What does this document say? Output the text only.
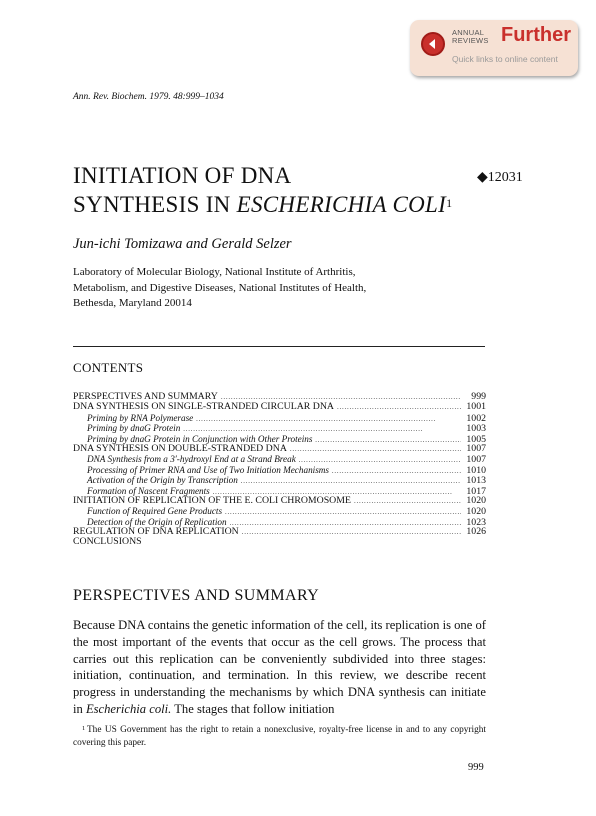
ANNUAL
REVIEWS Further
Quick links to online content
Ann. Rev. Biochem. 1979. 48:999–1034
INITIATION OF DNA
SYNTHESIS IN ESCHERICHIA COLI$^1$
◆12031
Jun-ichi Tomizawa and Gerald Selzer
Laboratory of Molecular Biology, National Institute of Arthritis,
Metabolism, and Digestive Diseases, National Institutes of Health,
Bethesda, Maryland 20014
CONTENTS
PERSPECTIVES AND SUMMARY . . .	999
DNA SYNTHESIS ON SINGLE-STRANDED CIRCULAR DNA . . .	1001
Priming by RNA Polymerase . . .	1002
Priming by dnaG Protein . . .	1003
Priming by dnaG Protein in Conjunction with Other Proteins . . .	1005
DNA SYNTHESIS ON DOUBLE-STRANDED DNA . . .	1007
DNA Synthesis from a 3′-hydroxyl End at a Strand Break . . .	1007
Processing of Primer RNA and Use of Two Initiation Mechanisms . . .	1010
Activation of the Origin by Transcription . . .	1013
Formation of Nascent Fragments . . .	1017
INITIATION OF REPLICATION OF THE E. COLI CHROMOSOME . . .	1020
Function of Required Gene Products . . .	1020
Detection of the Origin of Replication . . .	1023
REGULATION OF DNA REPLICATION . . .	1026
CONCLUSIONS
PERSPECTIVES AND SUMMARY
Because DNA contains the genetic information of the cell, its replication is one of the most important of the events that occur as the cell grows. The process that carries out this replication can be conveniently subdivided into three stages: initiation, continuation, and termination. In this review, we describe recent progress in understanding the mechanisms by which DNA synthesis can initiate in Escherichia coli. The stages that follow initiation
1 The US Government has the right to retain a nonexclusive, royalty-free license in and to any copyright covering this paper.
999
